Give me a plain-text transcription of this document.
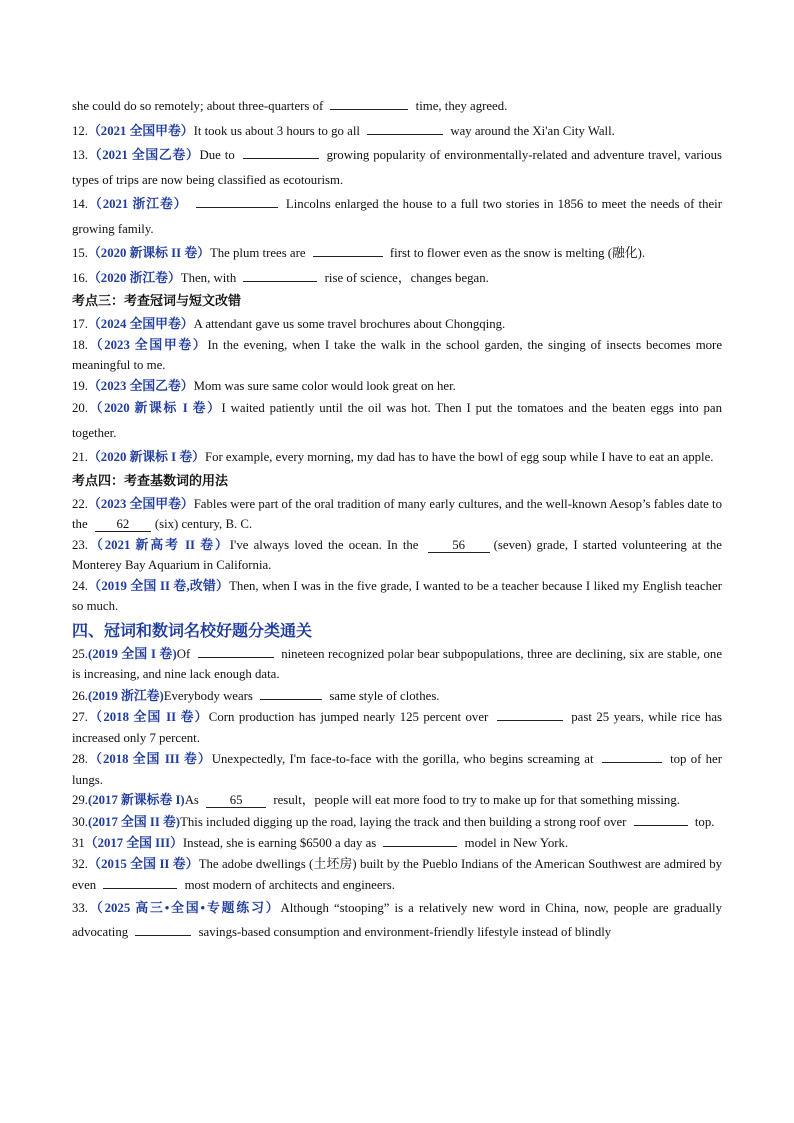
she could do so remotely; about three-quarters of	time, they agreed.
12.（2021 全国甲卷）It took us about 3 hours to go all	way around the Xi'an City Wall.
13.（2021 全国乙卷）Due to	growing popularity of environmentally-related and adventure travel, various types of trips are now being classified as ecotourism.
14.（2021 浙江卷）	Lincolns enlarged the house to a full two stories in 1856 to meet the needs of their growing family.
15.（2020 新课标 II 卷）The plum trees are	first to flower even as the snow is melting (融化).
16.（2020 浙江卷）Then, with	rise of science，changes began.
考点三：考查冠词与短文改错
17.（2024 全国甲卷）A attendant gave us some travel brochures about Chongqing.
18.（2023 全国甲卷）In the evening, when I take the walk in the school garden, the singing of insects becomes more meaningful to me.
19.（2023 全国乙卷）Mom was sure same color would look great on her.
20.（2020 新课标 I 卷）I waited patiently until the oil was hot. Then I put the tomatoes and the beaten eggs into pan together.
21.（2020 新课标 I 卷）For example, every morning, my dad has to have the bowl of egg soup while I have to eat an apple.
考点四：考查基数词的用法
22.（2023 全国甲卷）Fables were part of the oral tradition of many early cultures, and the well-known Aesop’s fables date to the 62 (six) century, B. C.
23.（2021 新高考 II 卷）I've always loved the ocean. In the	56 (seven) grade, I started volunteering at the Monterey Bay Aquarium in California.
24.（2019 全国 II 卷,改错）Then, when I was in the five grade, I wanted to be a teacher because I liked my English teacher so much.
四、冠词和数词名校好题分类通关
25.(2019 全国 I 卷)Of	nineteen recognized polar bear subpopulations, three are declining, six are stable, one is increasing, and nine lack enough data.
26.(2019 浙江卷)Everybody wears	same style of clothes.
27.（2018 全国 II 卷）Corn production has jumped nearly 125 percent over	past 25 years, while rice has increased only 7 percent.
28.（2018 全国 III 卷）Unexpectedly, I'm face-to-face with the gorilla, who begins screaming at	top of her lungs.
29.(2017 新课标卷 I)As 65 result，people will eat more food to try to make up for that something missing.
30.(2017 全国 II 卷)This included digging up the road, laying the track and then building a strong roof over	top.
31（2017 全国 III）Instead, she is earning $6500 a day as	model in New York.
32.（2015 全国 II 卷）The adobe dwellings (土坯房) built by the Pueblo Indians of the American Southwest are admired by even	most modern of architects and engineers.
33.（2025 高三•全国•专题练习）Although “stooping” is a relatively new word in China, now, people are gradually advocating	savings-based consumption and environment-friendly lifestyle instead of blindly
